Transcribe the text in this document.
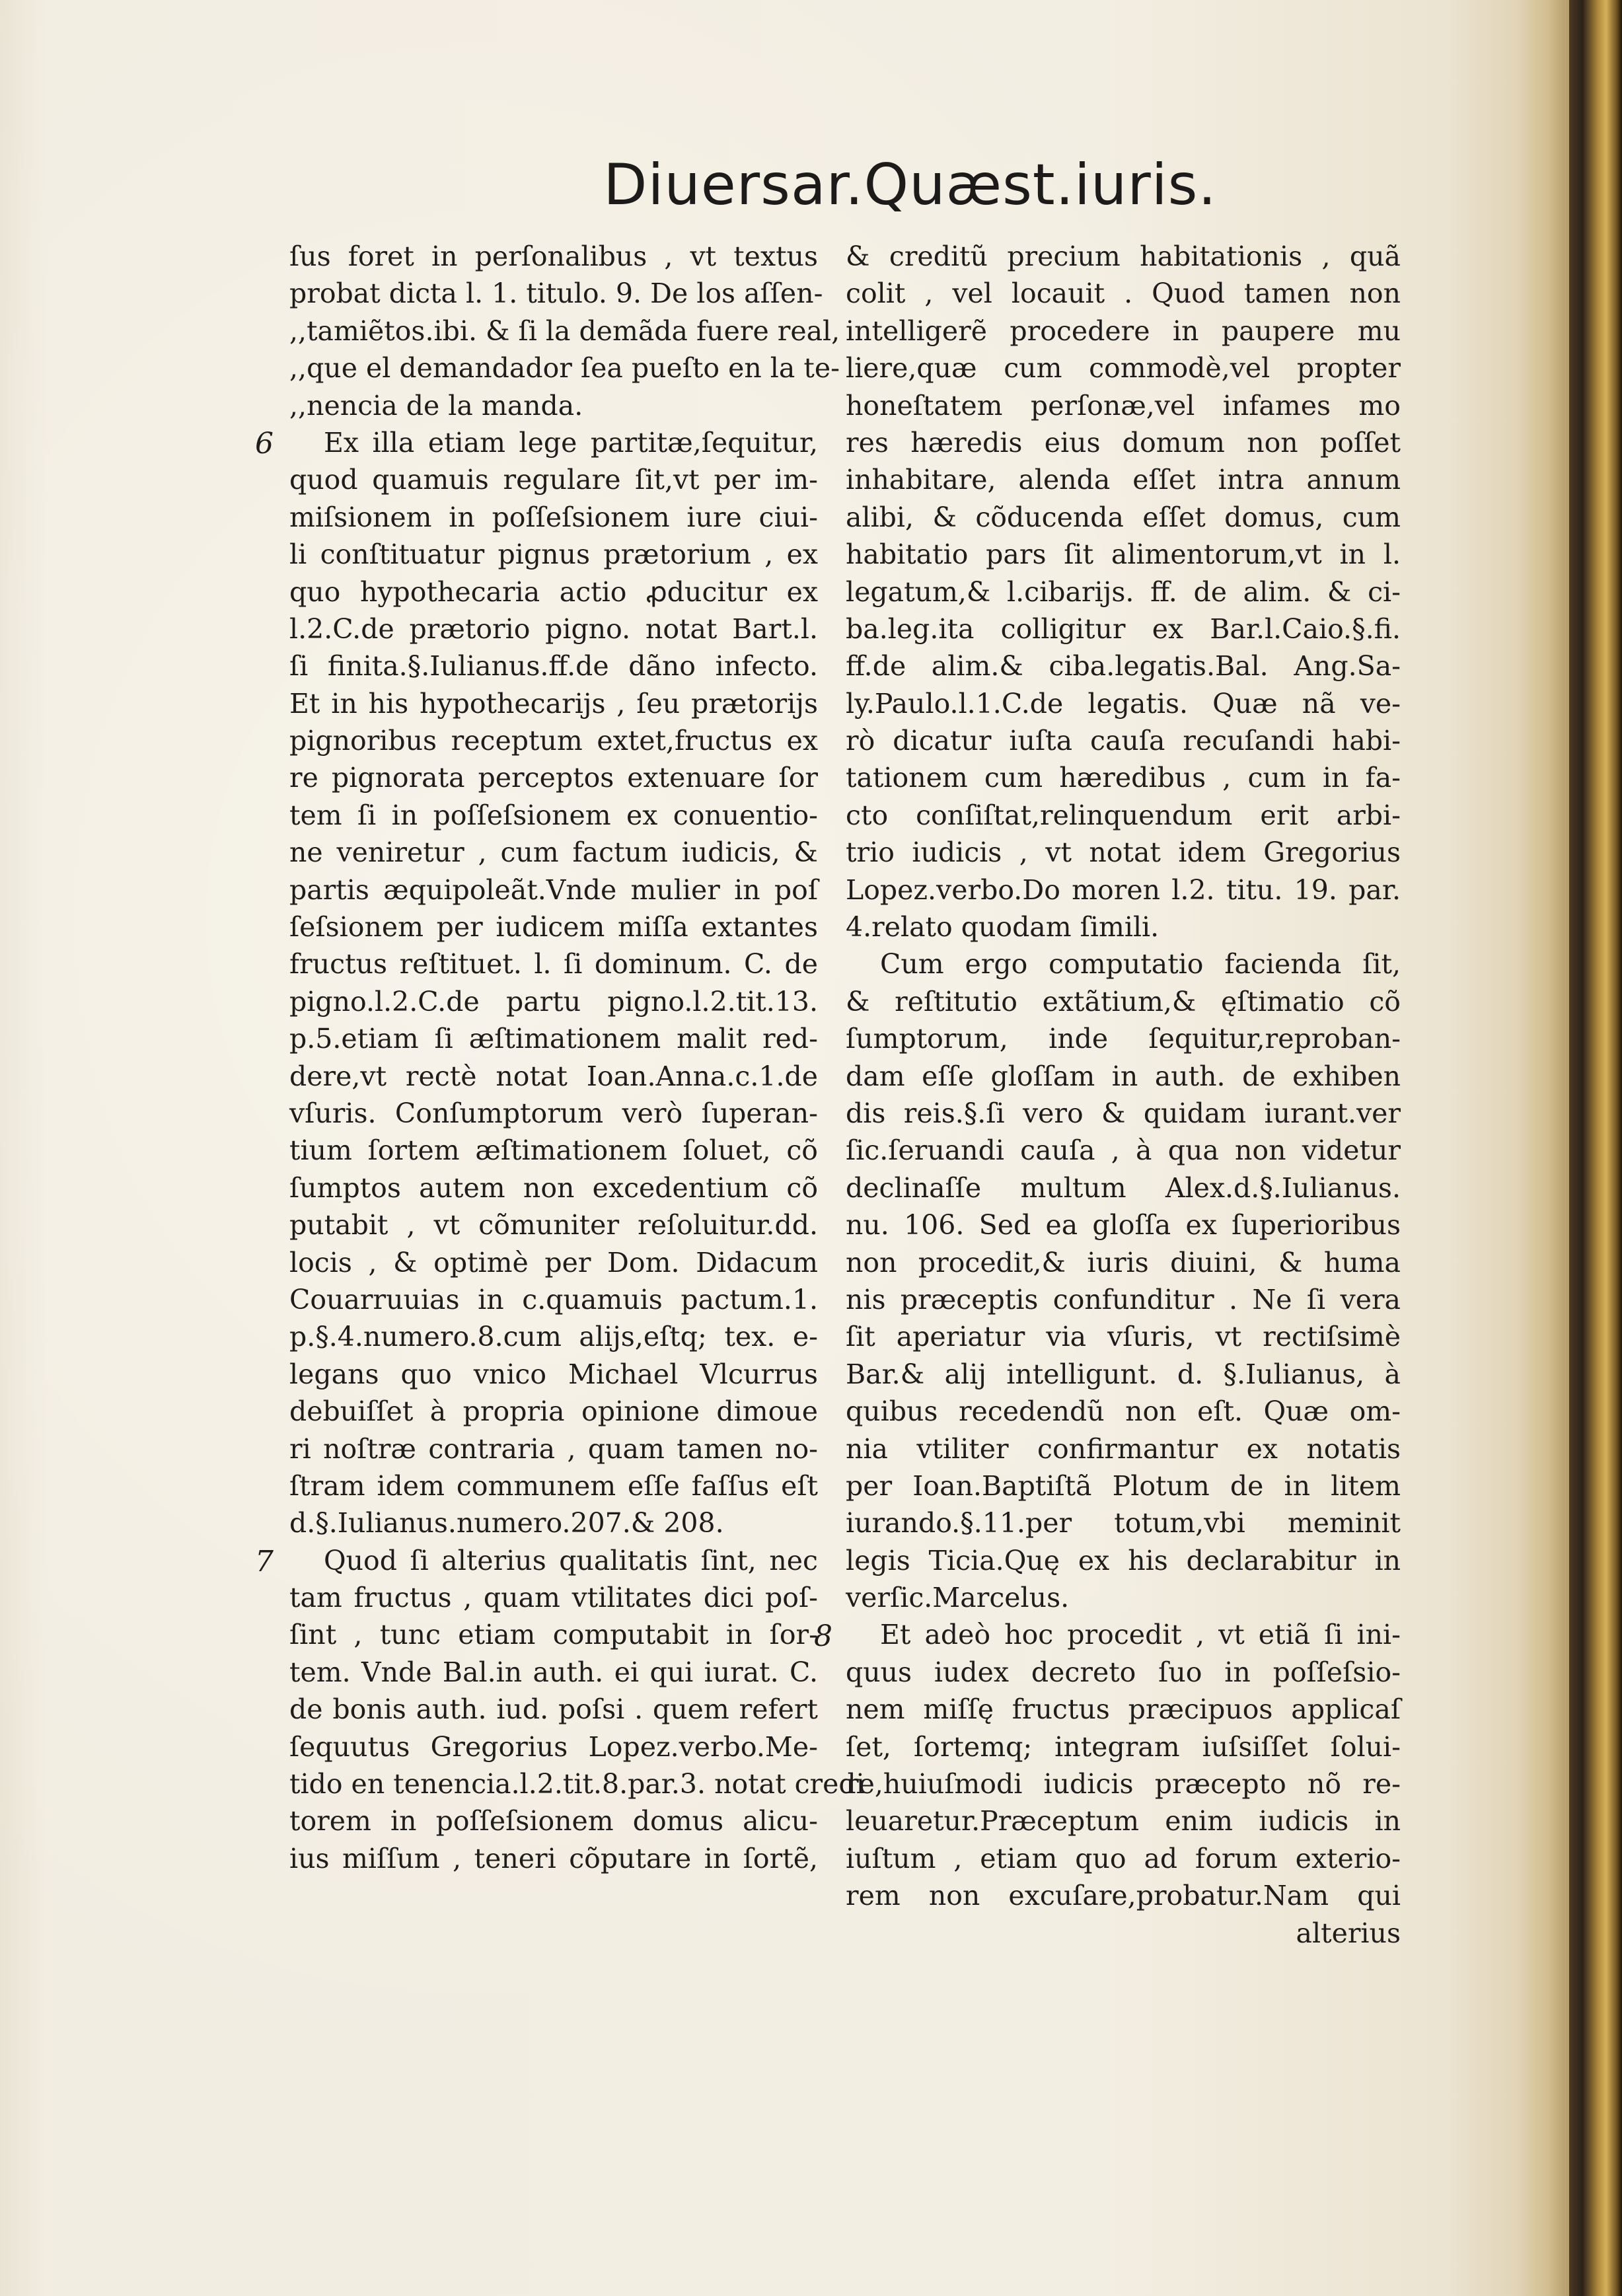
Diuersar.Quæst.iuris.
ſus foret in perſonalibus , vt textus
probat dicta l. 1. titulo. 9. De los aſſen-
,,tamiẽtos.ibi. & ſi la demãda fuere real,
,,que el demandador ſea pueſto en la te-
,,nencia de la manda.
Ex illa etiam lege partitæ,ſequitur,
quod quamuis regulare ſit,vt per im-
miſsionem in poſſeſsionem iure ciui-
li conſtituatur pignus prætorium , ex
quo hypothecaria actio ꝓducitur ex
l.2.C.de prætorio pigno. notat Bart.l.
ſi finita.§.Iulianus.ff.de dãno infecto.
Et in his hypothecarijs , ſeu prætorijs
pignoribus receptum extet,fructus ex
re pignorata perceptos extenuare ſor
tem ſi in poſſeſsionem ex conuentio-
ne veniretur , cum factum iudicis, &
partis æquipoleãt.Vnde mulier in poſ
ſeſsionem per iudicem miſſa extantes
fructus reſtituet. l. ſi dominum. C. de
pigno.l.2.C.de partu pigno.l.2.tit.13.
p.5.etiam ſi æſtimationem malit red-
dere,vt rectè notat Ioan.Anna.c.1.de
vſuris. Conſumptorum verò ſuperan-
tium ſortem æſtimationem ſoluet, cõ
ſumptos autem non excedentium cõ
putabit , vt cõmuniter reſoluitur.dd.
locis , & optimè per Dom. Didacum
Couarruuias in c.quamuis pactum.1.
p.§.4.numero.8.cum alijs,eſtq; tex. e-
legans quo vnico Michael Vlcurrus
debuiſſet à propria opinione dimoue
ri noſtræ contraria , quam tamen no-
ſtram idem communem eſſe faſſus eſt
d.§.Iulianus.numero.207.& 208.
Quod ſi alterius qualitatis ſint, nec
tam fructus , quam vtilitates dici poſ-
ſint , tunc etiam computabit in ſor-
tem. Vnde Bal.in auth. ei qui iurat. C.
de bonis auth. iud. poſsi . quem refert
ſequutus Gregorius Lopez.verbo.Me-
tido en tenencia.l.2.tit.8.par.3. notat credi
torem in poſſeſsionem domus alicu-
ius miſſum , teneri cõputare in ſortẽ,
6
7
& creditũ precium habitationis , quã
colit , vel locauit . Quod tamen non
intelligerẽ procedere in paupere mu
liere,quæ cum commodè,vel propter
honeſtatem perſonæ,vel infames mo
res hæredis eius domum non poſſet
inhabitare, alenda eſſet intra annum
alibi, & cõducenda eſſet domus, cum
habitatio pars ſit alimentorum,vt in l.
legatum,& l.cibarijs. ff. de alim. & ci-
ba.leg.ita colligitur ex Bar.l.Caio.§.fi.
ff.de alim.& ciba.legatis.Bal. Ang.Sa-
ly.Paulo.l.1.C.de legatis. Quæ nã ve-
rò dicatur iuſta cauſa recuſandi habi-
tationem cum hæredibus , cum in fa-
cto conſiſtat,relinquendum erit arbi-
trio iudicis , vt notat idem Gregorius
Lopez.verbo.Do moren l.2. titu. 19. par.
4.relato quodam ſimili.
Cum ergo computatio facienda ſit,
& reſtitutio extãtium,& ęſtimatio cõ
ſumptorum, inde ſequitur,reproban-
dam eſſe gloſſam in auth. de exhiben
dis reis.§.ſi vero & quidam iurant.ver
ſic.ſeruandi cauſa , à qua non videtur
declinaſſe multum Alex.d.§.Iulianus.
nu. 106. Sed ea gloſſa ex ſuperioribus
non procedit,& iuris diuini, & huma
nis præceptis confunditur . Ne ſi vera
ſit aperiatur via vſuris, vt rectiſsimè
Bar.& alij intelligunt. d. §.Iulianus, à
quibus recedendũ non eſt. Quæ om-
nia vtiliter confirmantur ex notatis
per Ioan.Baptiſtã Plotum de in litem
iurando.§.11.per totum,vbi meminit
legis Ticia.Quę ex his declarabitur in
verſic.Marcelus.
Et adeò hoc procedit , vt etiã ſi ini-
quus iudex decreto ſuo in poſſeſsio-
nem miſſę fructus præcipuos applicaſ
ſet, ſortemq; integram iuſsiſſet ſolui-
re,huiuſmodi iudicis præcepto nõ re-
leuaretur.Præceptum enim iudicis in
iuſtum , etiam quo ad forum exterio-
rem non excuſare,probatur.Nam qui
alterius
8
